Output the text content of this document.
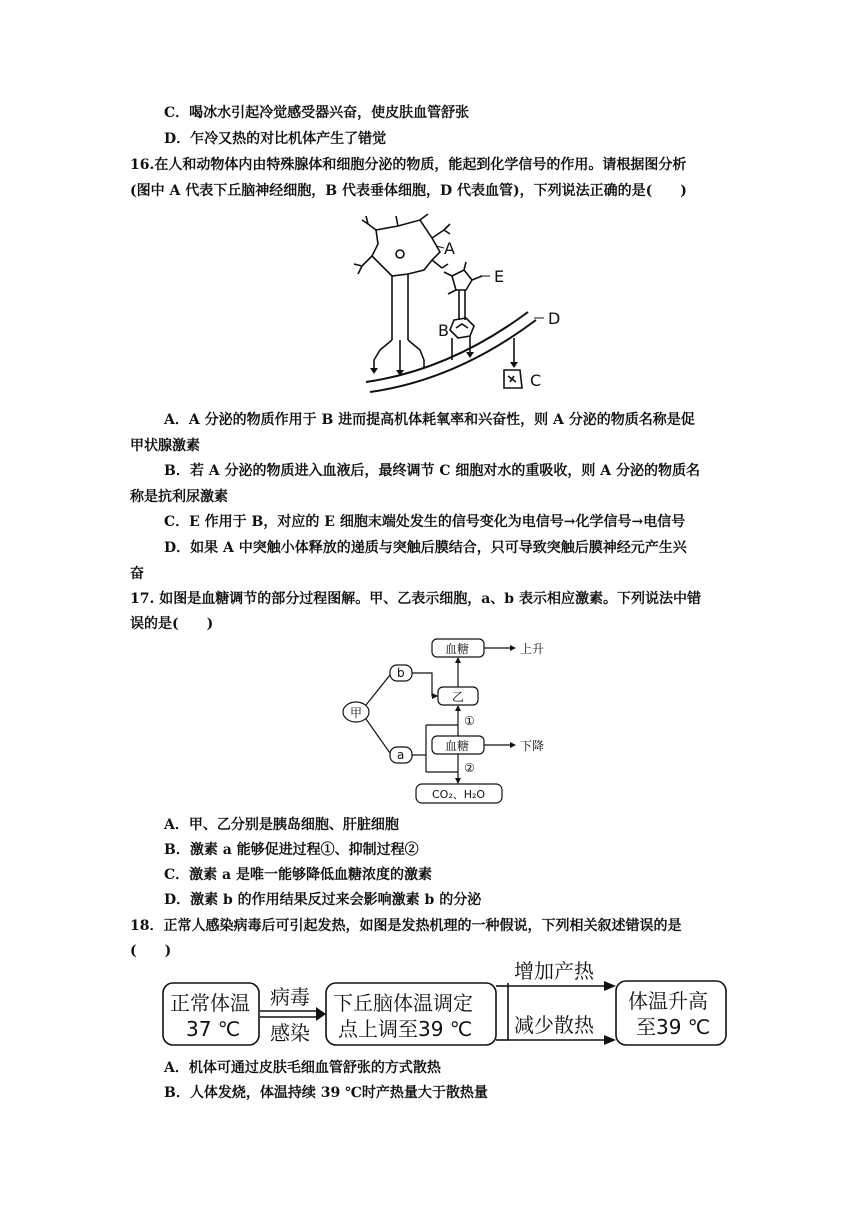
C．喝冰水引起冷觉感受器兴奋，使皮肤血管舒张
D．乍冷又热的对比机体产生了错觉
16.在人和动物体内由特殊腺体和细胞分泌的物质，能起到化学信号的作用。请根据图分析
(图中 A 代表下丘脑神经细胞，B 代表垂体细胞，D 代表血管)，下列说法正确的是(　　)
A
E
B
D
C
A．A 分泌的物质作用于 B 进而提高机体耗氧率和兴奋性，则 A 分泌的物质名称是促
甲状腺激素
B．若 A 分泌的物质进入血液后，最终调节 C 细胞对水的重吸收，则 A 分泌的物质名
称是抗利尿激素
C．E 作用于 B，对应的 E 细胞末端处发生的信号变化为电信号→化学信号→电信号
D．如果 A 中突触小体释放的递质与突触后膜结合，只可导致突触后膜神经元产生兴
奋
17. 如图是血糖调节的部分过程图解。甲、乙表示细胞，a、b 表示相应激素。下列说法中错
误的是(　　)
甲
b
a
血糖
乙
血糖
上升
下降
①
②
CO₂、H₂O
A．甲、乙分别是胰岛细胞、肝脏细胞
B．激素 a 能够促进过程①、抑制过程②
C．激素 a 是唯一能够降低血糖浓度的激素
D．激素 b 的作用结果反过来会影响激素 b 的分泌
18．正常人感染病毒后可引起发热，如图是发热机理的一种假说，下列相关叙述错误的是
(　　)
正常体温
37 ℃
病毒
感染
下丘脑体温调定
点上调至39 ℃
增加产热
减少散热
体温升高
至39 ℃
A．机体可通过皮肤毛细血管舒张的方式散热
B．人体发烧，体温持续 39 ℃时产热量大于散热量
